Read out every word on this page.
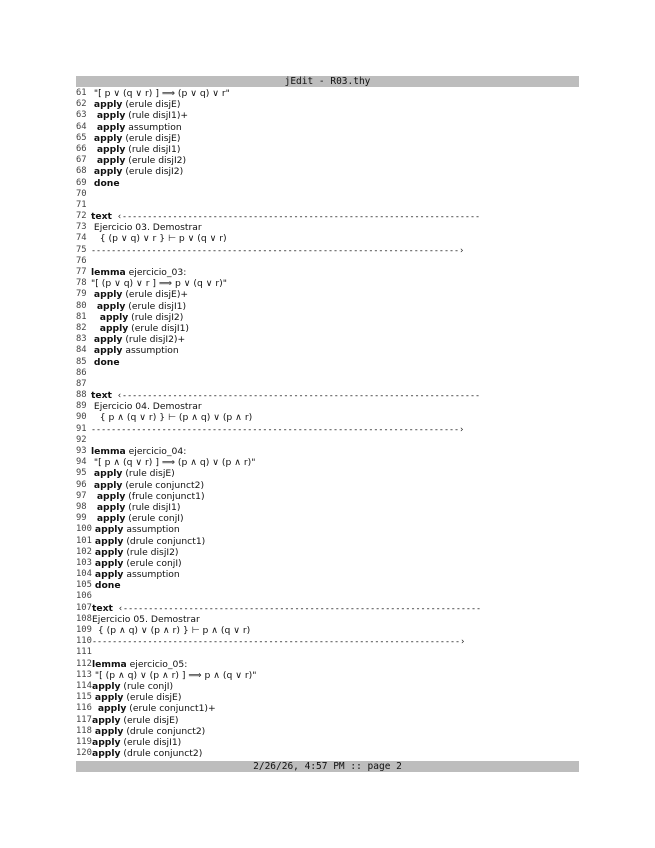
jEdit - R03.thy
61 "[ p ∨ (q ∨ r) ] ⟹ (p ∨ q) ∨ r"
62 apply (erule disjE)
63	apply (rule disjI1)+
64	apply assumption
65 apply (erule disjE)
66	apply (rule disjI1)
67	apply (erule disjI2)
68 apply (erule disjI2)
69 done
70
71
72 text ‹-----------------------------------------------------------------------
73 Ejercicio 03. Demostrar
74	{ (p ∨ q) ∨ r } ⊢ p ∨ (q ∨ r)
75 -------------------------------------------------------------------------›
76
77 lemma ejercicio_03:
78 "[ (p ∨ q) ∨ r ] ⟹ p ∨ (q ∨ r)"
79 apply (erule disjE)+
80	apply (erule disjI1)
81	apply (rule disjI2)
82	apply (erule disjI1)
83 apply (rule disjI2)+
84 apply assumption
85 done
86
87
88 text ‹-----------------------------------------------------------------------
89 Ejercicio 04. Demostrar
90	{ p ∧ (q ∨ r) } ⊢ (p ∧ q) ∨ (p ∧ r)
91 -------------------------------------------------------------------------›
92
93 lemma ejercicio_04:
94 "[ p ∧ (q ∨ r) ] ⟹ (p ∧ q) ∨ (p ∧ r)"
95 apply (rule disjE)
96 apply (erule conjunct2)
97	apply (frule conjunct1)
98	apply (rule disjI1)
99	apply (erule conjI)
100 apply assumption
101 apply (drule conjunct1)
102 apply (rule disjI2)
103 apply (erule conjI)
104 apply assumption
105 done
106
107 text ‹-----------------------------------------------------------------------
108 Ejercicio 05. Demostrar
109 { (p ∧ q) ∨ (p ∧ r) } ⊢ p ∧ (q ∨ r)
110 -------------------------------------------------------------------------›
111
112 lemma ejercicio_05:
113 "[ (p ∧ q) ∨ (p ∧ r) ] ⟹ p ∧ (q ∨ r)"
114 apply (rule conjI)
115 apply (erule disjE)
116 apply (erule conjunct1)+
117 apply (erule disjE)
118 apply (drule conjunct2)
119 apply (erule disjI1)
120 apply (drule conjunct2)
2/26/26, 4:57 PM :: page 2
